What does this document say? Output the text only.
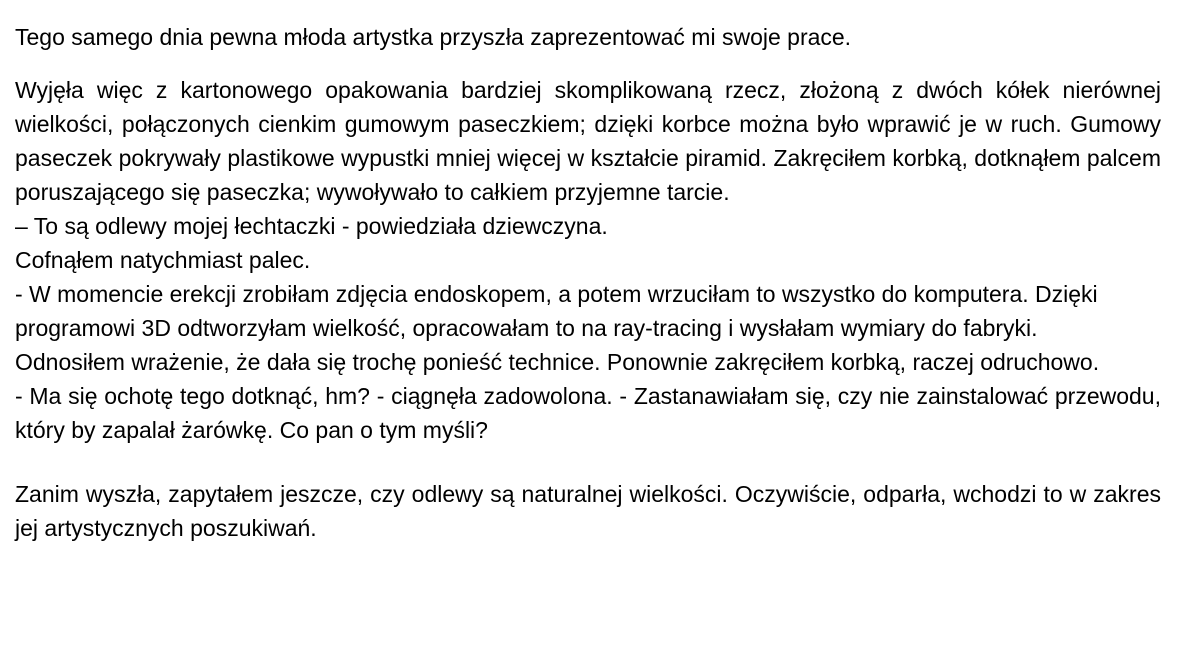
Tego samego dnia pewna młoda artystka przyszła zaprezentować mi swoje prace.

Wyjęła więc z kartonowego opakowania bardziej skomplikowaną rzecz, złożoną z dwóch kółek nierównej wielkości, połączonych cienkim gumowym paseczkiem; dzięki korbce można było wprawić je w ruch. Gumowy paseczek pokrywały plastikowe wypustki mniej więcej w kształcie piramid. Zakręciłem korbką, dotknąłem palcem poruszającego się paseczka; wywoływało to całkiem przyjemne tarcie.

– To są odlewy mojej łechtaczki - powiedziała dziewczyna.

Cofnąłem natychmiast palec.

- W momencie erekcji zrobiłam zdjęcia endoskopem, a potem wrzuciłam to wszystko do komputera. Dzięki programowi 3D odtworzyłam wielkość, opracowałam to na ray-tracing i wysłałam wymiary do fabryki.

Odnosiłem wrażenie, że dała się trochę ponieść technice. Ponownie zakręciłem korbką, raczej odruchowo.

- Ma się ochotę tego dotknąć, hm? - ciągnęła zadowolona. - Zastanawiałam się, czy nie zainstalować przewodu, który by zapalał żarówkę. Co pan o tym myśli?

Zanim wyszła, zapytałem jeszcze, czy odlewy są naturalnej wielkości. Oczywiście, odparła, wchodzi to w zakres jej artystycznych poszukiwań.
